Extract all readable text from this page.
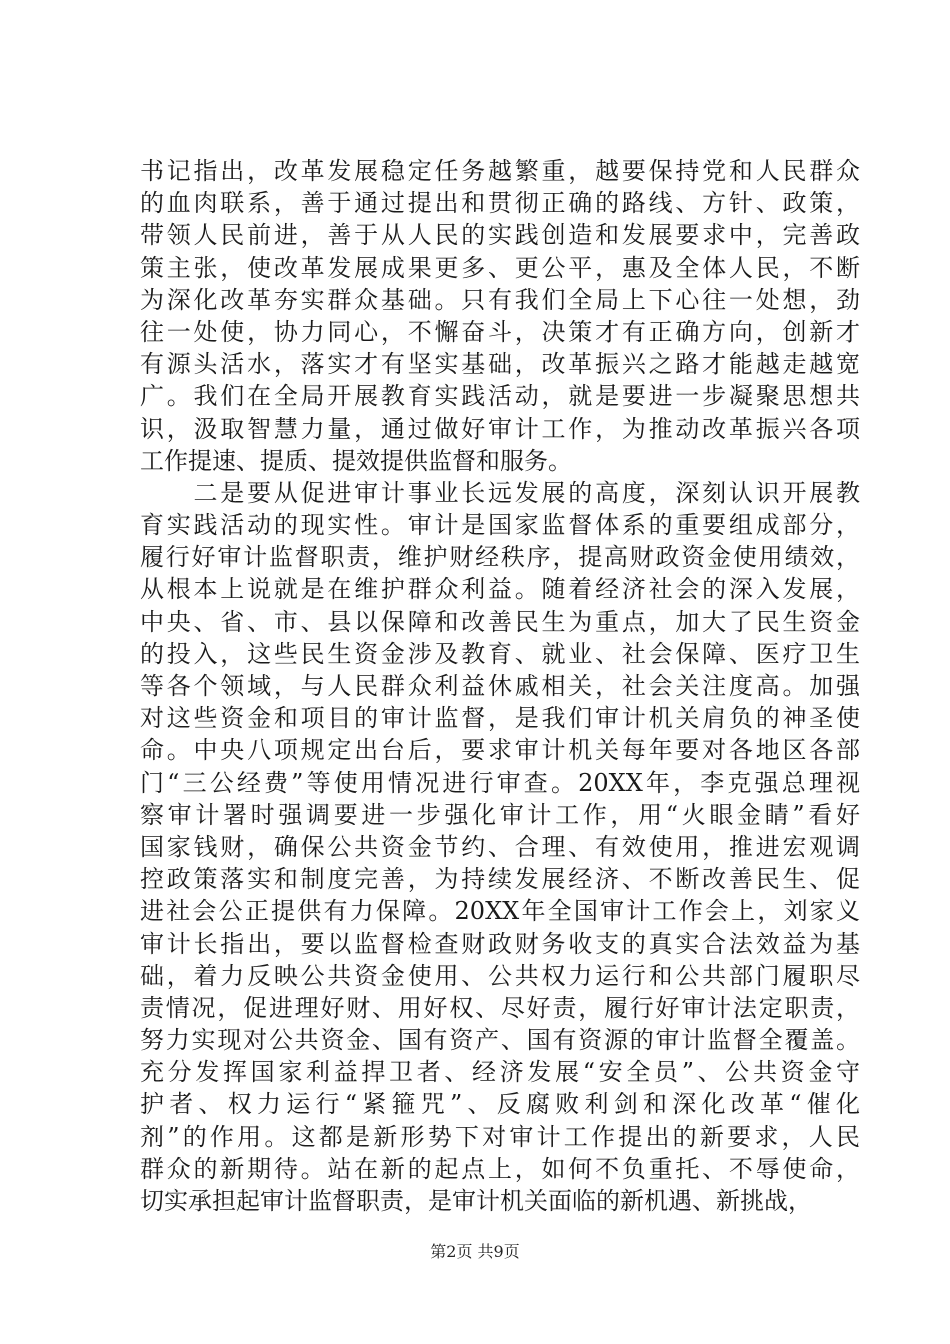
书记指出，改革发展稳定任务越繁重，越要保持党和人民群众
的血肉联系，善于通过提出和贯彻正确的路线、方针、政策，
带领人民前进，善于从人民的实践创造和发展要求中，完善政
策主张，使改革发展成果更多、更公平，惠及全体人民，不断
为深化改革夯实群众基础。只有我们全局上下心往一处想，劲
往一处使，协力同心，不懈奋斗，决策才有正确方向，创新才
有源头活水，落实才有坚实基础，改革振兴之路才能越走越宽
广。我们在全局开展教育实践活动，就是要进一步凝聚思想共
识，汲取智慧力量，通过做好审计工作，为推动改革振兴各项
工作提速、提质、提效提供监督和服务。
　　二是要从促进审计事业长远发展的高度，深刻认识开展教
育实践活动的现实性。审计是国家监督体系的重要组成部分，
履行好审计监督职责，维护财经秩序，提高财政资金使用绩效，
从根本上说就是在维护群众利益。随着经济社会的深入发展，
中央、省、市、县以保障和改善民生为重点，加大了民生资金
的投入，这些民生资金涉及教育、就业、社会保障、医疗卫生
等各个领域，与人民群众利益休戚相关，社会关注度高。加强
对这些资金和项目的审计监督，是我们审计机关肩负的神圣使
命。中央八项规定出台后，要求审计机关每年要对各地区各部
门“三公经费”等使用情况进行审查。20XX年，李克强总理视
察审计署时强调要进一步强化审计工作，用“火眼金睛”看好
国家钱财，确保公共资金节约、合理、有效使用，推进宏观调
控政策落实和制度完善，为持续发展经济、不断改善民生、促
进社会公正提供有力保障。20XX年全国审计工作会上，刘家义
审计长指出，要以监督检查财政财务收支的真实合法效益为基
础，着力反映公共资金使用、公共权力运行和公共部门履职尽
责情况，促进理好财、用好权、尽好责，履行好审计法定职责，
努力实现对公共资金、国有资产、国有资源的审计监督全覆盖。
充分发挥国家利益捍卫者、经济发展“安全员”、公共资金守
护者、权力运行“紧箍咒”、反腐败利剑和深化改革“催化
剂”的作用。这都是新形势下对审计工作提出的新要求，人民
群众的新期待。站在新的起点上，如何不负重托、不辱使命，
切实承担起审计监督职责，是审计机关面临的新机遇、新挑战，
第2页 共9页
